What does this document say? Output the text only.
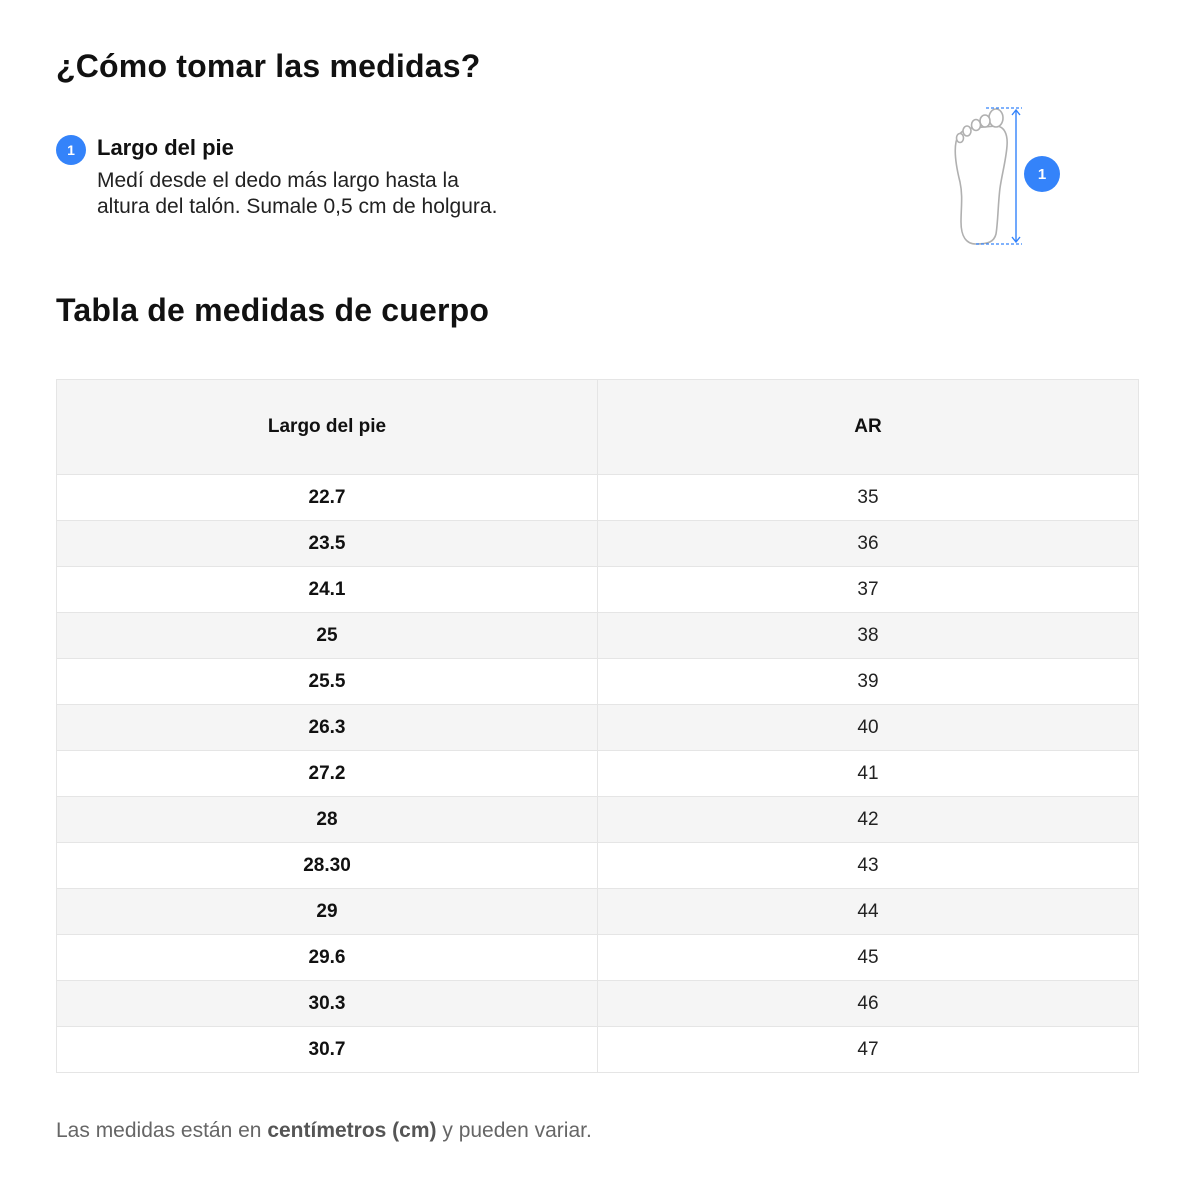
¿Cómo tomar las medidas?
1	Largo del pie
Medí desde el dedo más largo hasta la
altura del talón. Sumale 0,5 cm de holgura.
1
Tabla de medidas de cuerpo
Largo del pie	AR
22.7	35
23.5	36
24.1	37
25	38
25.5	39
26.3	40
27.2	41
28	42
28.30	43
29	44
29.6	45
30.3	46
30.7	47
Las medidas están en centímetros (cm) y pueden variar.
